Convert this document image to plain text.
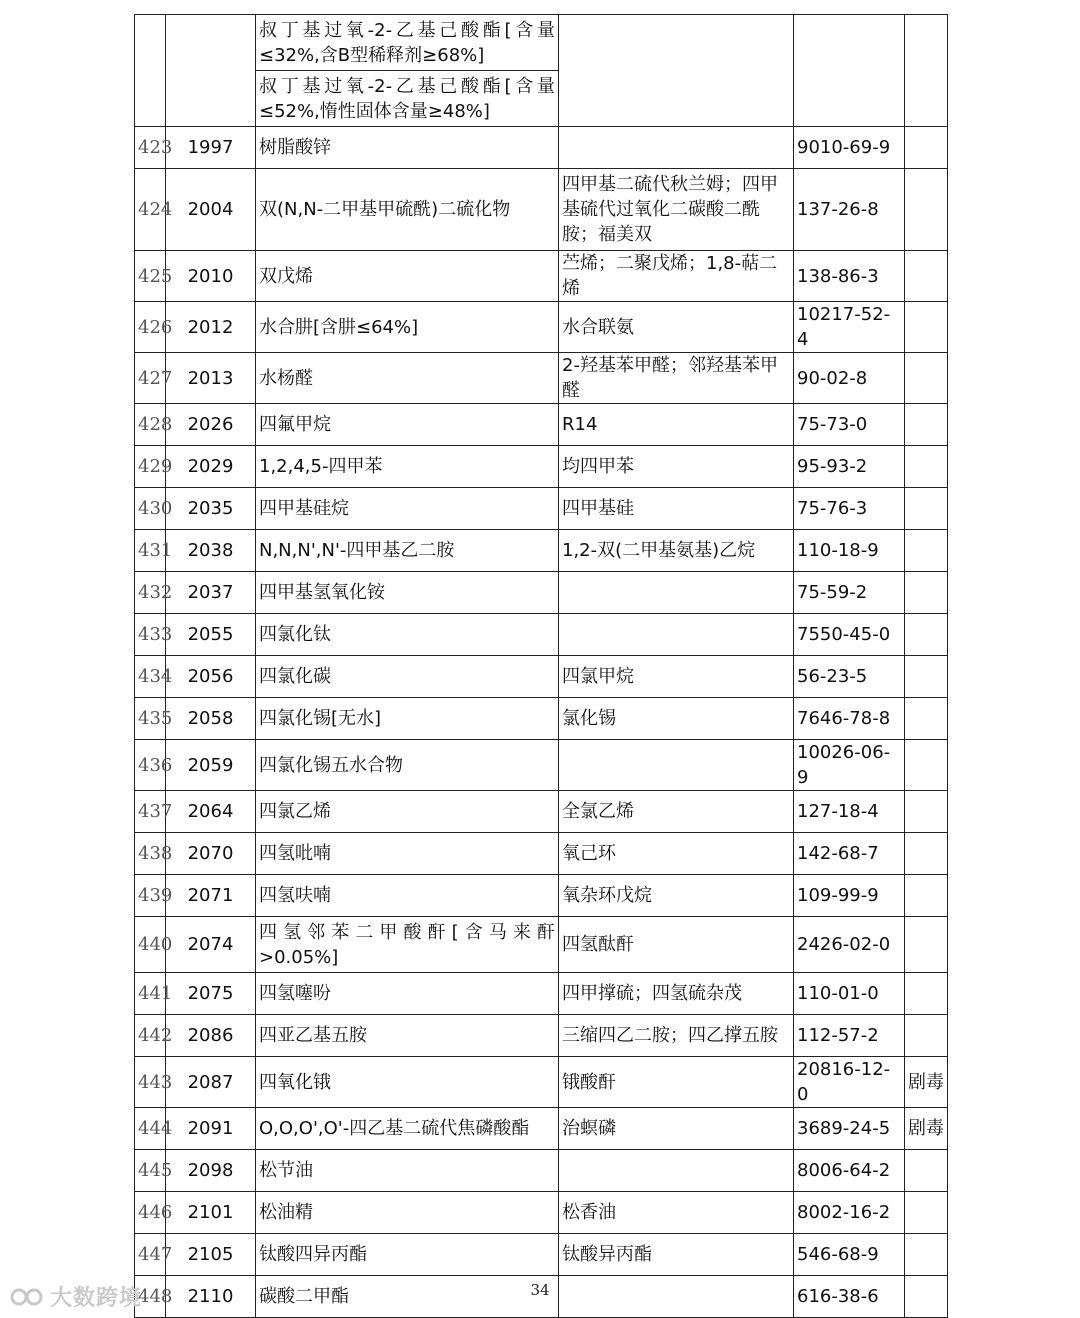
		叔丁基过氧-2-乙基己酸酯[含量≤32%,含B型稀释剂≥68%]			
		叔丁基过氧-2-乙基己酸酯[含量≤52%,惰性固体含量≥48%]			
423	1997	树脂酸锌		9010-69-9	
424	2004	双(N,N-二甲基甲硫酰)二硫化物	四甲基二硫代秋兰姆；四甲基硫代过氧化二碳酸二酰胺；福美双	137-26-8	
425	2010	双戊烯	苎烯；二聚戊烯；1,8-萜二烯	138-86-3	
426	2012	水合肼[含肼≤64%]	水合联氨	10217-52-4	
427	2013	水杨醛	2-羟基苯甲醛；邻羟基苯甲醛	90-02-8	
428	2026	四氟甲烷	R14	75-73-0	
429	2029	1,2,4,5-四甲苯	均四甲苯	95-93-2	
430	2035	四甲基硅烷	四甲基硅	75-76-3	
431	2038	N,N,N',N'-四甲基乙二胺	1,2-双(二甲基氨基)乙烷	110-18-9	
432	2037	四甲基氢氧化铵		75-59-2	
433	2055	四氯化钛		7550-45-0	
434	2056	四氯化碳	四氯甲烷	56-23-5	
435	2058	四氯化锡[无水]	氯化锡	7646-78-8	
436	2059	四氯化锡五水合物		10026-06-9	
437	2064	四氯乙烯	全氯乙烯	127-18-4	
438	2070	四氢吡喃	氧己环	142-68-7	
439	2071	四氢呋喃	氧杂环戊烷	109-99-9	
440	2074	四氢邻苯二甲酸酐[含马来酐>0.05%]	四氢酞酐	2426-02-0	
441	2075	四氢噻吩	四甲撑硫；四氢硫杂茂	110-01-0	
442	2086	四亚乙基五胺	三缩四乙二胺；四乙撑五胺	112-57-2	
443	2087	四氧化锇	锇酸酐	20816-12-0	剧毒
444	2091	O,O,O',O'-四乙基二硫代焦磷酸酯	治螟磷	3689-24-5	剧毒
445	2098	松节油		8006-64-2	
446	2101	松油精	松香油	8002-16-2	
447	2105	钛酸四异丙酯	钛酸异丙酯	546-68-9	
448	2110	碳酸二甲酯		616-38-6	
34
大数跨境
